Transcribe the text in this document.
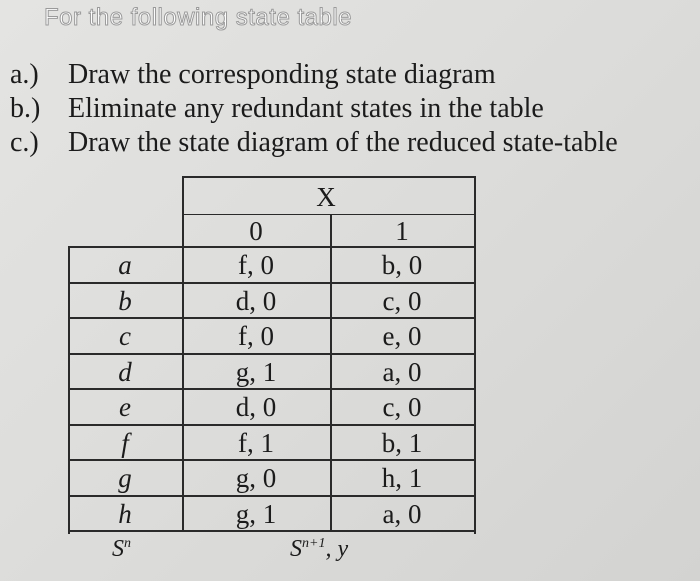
For the following state table
a.) Draw the corresponding state diagram
b.) Eliminate any redundant states in the table
c.) Draw the state diagram of the reduced state-table
X
0	1
$S^n$	$S^{n+1}$, y
a	f, 0	b, 0
b	d, 0	c, 0
c	f, 0	e, 0
d	g, 1	a, 0
e	d, 0	c, 0
f	f, 1	b, 1
g	g, 0	h, 1
h	g, 1	a, 0
